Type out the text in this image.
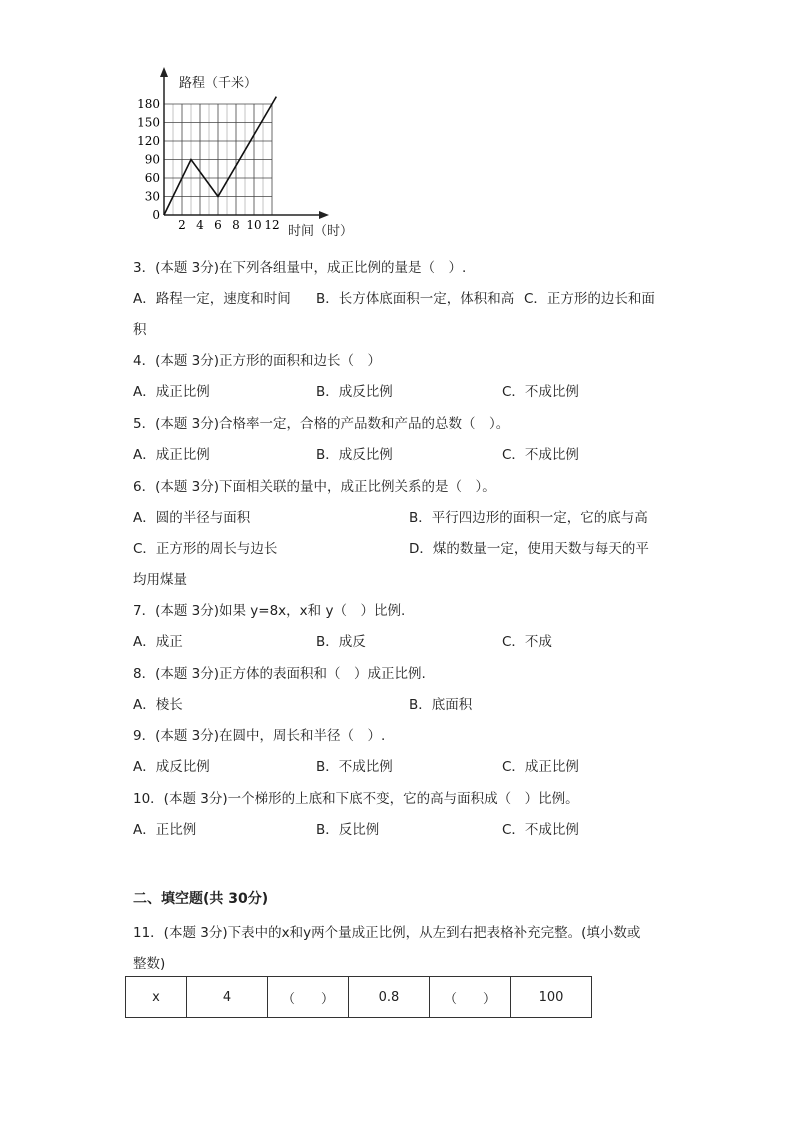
180
150
120
90
60
30
0
2 4 6 8 10 12
路程（千米）
时间（时）
3．(本题 3分)在下列各组量中，成正比例的量是（　）.
A．路程一定，速度和时间 B．长方体底面积一定，体积和高 C．正方形的边长和面
积
4．(本题 3分)正方形的面积和边长（　）
A．成正比例	B．成反比例	C．不成比例
5．(本题 3分)合格率一定，合格的产品数和产品的总数（　）。
A．成正比例	B．成反比例	C．不成比例
6．(本题 3分)下面相关联的量中，成正比例关系的是（　）。
A．圆的半径与面积	B．平行四边形的面积一定，它的底与高
C．正方形的周长与边长	D．煤的数量一定，使用天数与每天的平
均用煤量
7．(本题 3分)如果 y=8x，x和 y（　）比例.
A．成正	B．成反	C．不成
8．(本题 3分)正方体的表面积和（　）成正比例.
A．棱长	B．底面积
9．(本题 3分)在圆中，周长和半径（　）.
A．成反比例	B．不成比例	C．成正比例
10．(本题 3分)一个梯形的上底和下底不变，它的高与面积成（　）比例。
A．正比例	B．反比例	C．不成比例
二、填空题(共 30分)
11．(本题 3分)下表中的x和y两个量成正比例，从左到右把表格补充完整。(填小数或
整数)
x	4	（　　）	0.8	（　　）	100
